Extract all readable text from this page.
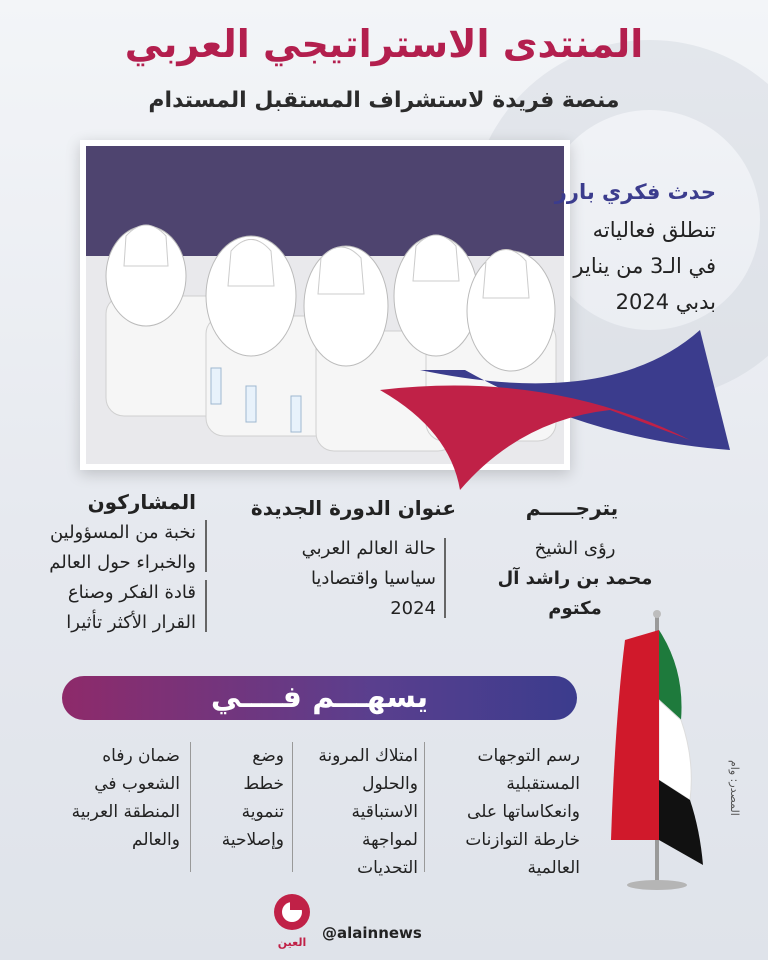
المنتدى الاستراتيجي العربي
منصة فريدة لاستشراف المستقبل المستدام
حدث فكري بارز
تنطلق فعالياته
في الـ3 من يناير
بدبي 2024
المشاركون
نخبة من المسؤولين
والخبراء حول العالم
قادة الفكر وصناع
القرار الأكثر تأثيرا
عنوان الدورة الجديدة
حالة العالم العربي
سياسيا واقتصاديا
2024
يترجـــــم
رؤى الشيخ
محمد بن راشد آل مكتوم
يسهـــم فــــي
رسم التوجهات
المستقبلية
وانعكاساتها على
خارطة التوازنات
العالمية
امتلاك المرونة
والحلول
الاستباقية
لمواجهة
التحديات
وضع
خطط
تنموية
وإصلاحية
ضمان رفاه
الشعوب في
المنطقة العربية
والعالم
المصدر: وام
العين
@alainnews
